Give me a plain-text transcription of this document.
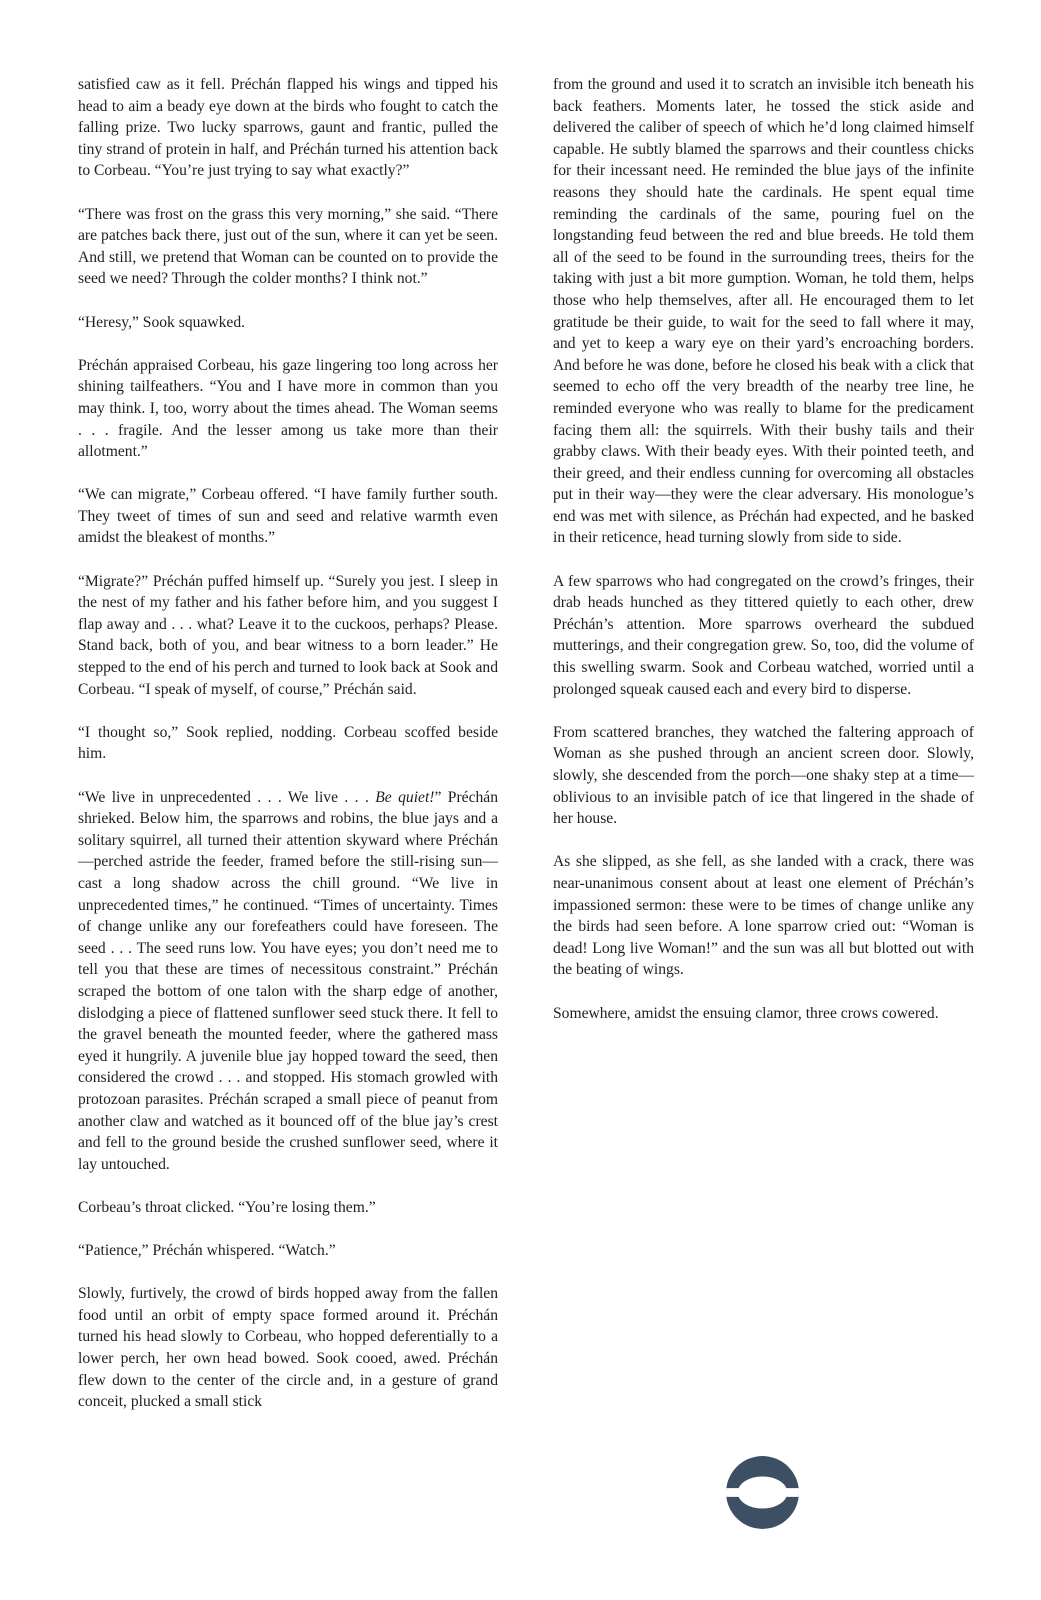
satisfied caw as it fell. Préchán flapped his wings and tipped his head to aim a beady eye down at the birds who fought to catch the falling prize. Two lucky sparrows, gaunt and frantic, pulled the tiny strand of protein in half, and Préchán turned his attention back to Corbeau. “You’re just trying to say what exactly?”

“There was frost on the grass this very morning,” she said. “There are patches back there, just out of the sun, where it can yet be seen. And still, we pretend that Woman can be counted on to provide the seed we need? Through the colder months? I think not.”

“Heresy,” Sook squawked.

Préchán appraised Corbeau, his gaze lingering too long across her shining tailfeathers. “You and I have more in common than you may think. I, too, worry about the times ahead. The Woman seems . . . fragile. And the lesser among us take more than their allotment.”

“We can migrate,” Corbeau offered. “I have family further south. They tweet of times of sun and seed and relative warmth even amidst the bleakest of months.”

“Migrate?” Préchán puffed himself up. “Surely you jest. I sleep in the nest of my father and his father before him, and you suggest I flap away and . . . what? Leave it to the cuckoos, perhaps? Please. Stand back, both of you, and bear witness to a born leader.” He stepped to the end of his perch and turned to look back at Sook and Corbeau. “I speak of myself, of course,” Préchán said.

“I thought so,” Sook replied, nodding. Corbeau scoffed beside him.

“We live in unprecedented . . . We live . . . Be quiet!” Préchán shrieked. Below him, the sparrows and robins, the blue jays and a solitary squirrel, all turned their attention skyward where Préchán—perched astride the feeder, framed before the still-rising sun—cast a long shadow across the chill ground. “We live in unprecedented times,” he continued. “Times of uncertainty. Times of change unlike any our forefeathers could have foreseen. The seed . . . The seed runs low. You have eyes; you don’t need me to tell you that these are times of necessitous constraint.” Préchán scraped the bottom of one talon with the sharp edge of another, dislodging a piece of flattened sunflower seed stuck there. It fell to the gravel beneath the mounted feeder, where the gathered mass eyed it hungrily. A juvenile blue jay hopped toward the seed, then considered the crowd . . . and stopped. His stomach growled with protozoan parasites. Préchán scraped a small piece of peanut from another claw and watched as it bounced off of the blue jay’s crest and fell to the ground beside the crushed sunflower seed, where it lay untouched.

Corbeau’s throat clicked. “You’re losing them.”

“Patience,” Préchán whispered. “Watch.”

Slowly, furtively, the crowd of birds hopped away from the fallen food until an orbit of empty space formed around it. Préchán turned his head slowly to Corbeau, who hopped deferentially to a lower perch, her own head bowed. Sook cooed, awed. Préchán flew down to the center of the circle and, in a gesture of grand conceit, plucked a small stick

from the ground and used it to scratch an invisible itch beneath his back feathers. Moments later, he tossed the stick aside and delivered the caliber of speech of which he’d long claimed himself capable. He subtly blamed the sparrows and their countless chicks for their incessant need. He reminded the blue jays of the infinite reasons they should hate the cardinals. He spent equal time reminding the cardinals of the same, pouring fuel on the longstanding feud between the red and blue breeds. He told them all of the seed to be found in the surrounding trees, theirs for the taking with just a bit more gumption. Woman, he told them, helps those who help themselves, after all. He encouraged them to let gratitude be their guide, to wait for the seed to fall where it may, and yet to keep a wary eye on their yard’s encroaching borders. And before he was done, before he closed his beak with a click that seemed to echo off the very breadth of the nearby tree line, he reminded everyone who was really to blame for the predicament facing them all: the squirrels. With their bushy tails and their grabby claws. With their beady eyes. With their pointed teeth, and their greed, and their endless cunning for overcoming all obstacles put in their way—they were the clear adversary. His monologue’s end was met with silence, as Préchán had expected, and he basked in their reticence, head turning slowly from side to side.

A few sparrows who had congregated on the crowd’s fringes, their drab heads hunched as they tittered quietly to each other, drew Préchán’s attention. More sparrows overheard the subdued mutterings, and their congregation grew. So, too, did the volume of this swelling swarm. Sook and Corbeau watched, worried until a prolonged squeak caused each and every bird to disperse.

From scattered branches, they watched the faltering approach of Woman as she pushed through an ancient screen door. Slowly, slowly, she descended from the porch—one shaky step at a time—oblivious to an invisible patch of ice that lingered in the shade of her house.

As she slipped, as she fell, as she landed with a crack, there was near-unanimous consent about at least one element of Préchán’s impassioned sermon: these were to be times of change unlike any the birds had seen before. A lone sparrow cried out: “Woman is dead! Long live Woman!” and the sun was all but blotted out with the beating of wings.

Somewhere, amidst the ensuing clamor, three crows cowered.
